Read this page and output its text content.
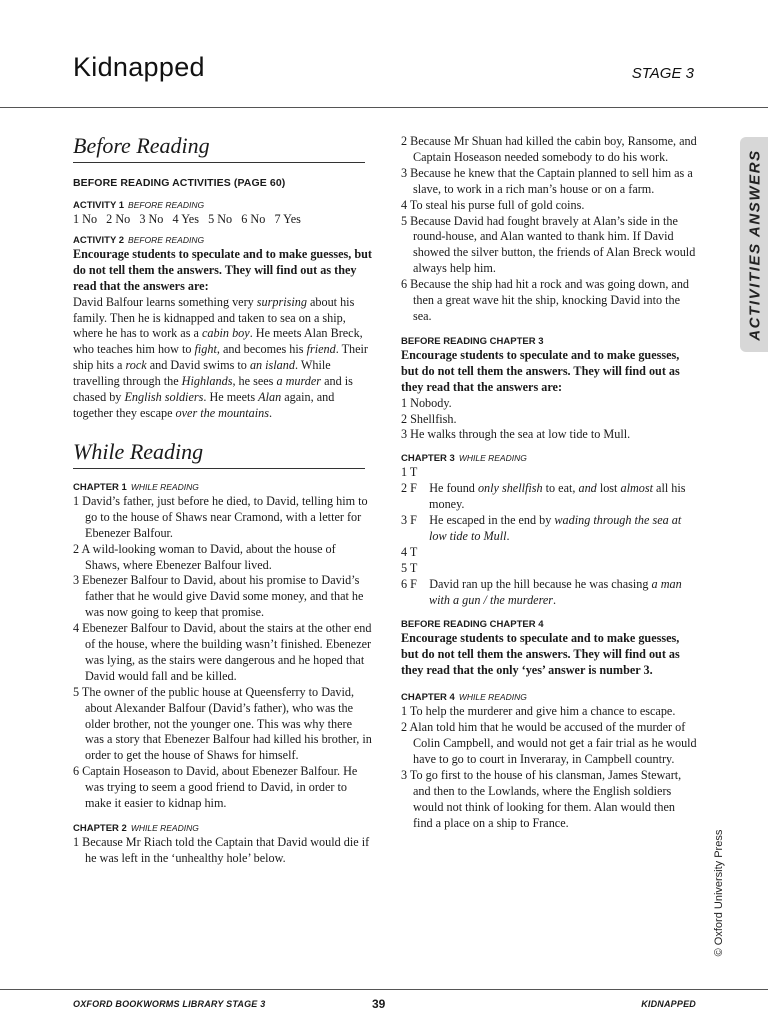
Kidnapped	STAGE 3
ACTIVITIES ANSWERS
Before Reading
BEFORE READING ACTIVITIES (PAGE 60)
ACTIVITY 1 BEFORE READING

1 No   2 No   3 No   4 Yes   5 No   6 No   7 Yes

ACTIVITY 2 BEFORE READING

Encourage students to speculate and to make guesses, but do not tell them the answers. They will find out as they read that the answers are:

David Balfour learns something very surprising about his family. Then he is kidnapped and taken to sea on a ship, where he has to work as a cabin boy. He meets Alan Breck, who teaches him how to fight, and becomes his friend. Their ship hits a rock and David swims to an island. While travelling through the Highlands, he sees a murder and is chased by English soldiers. He meets Alan again, and together they escape over the mountains.

While Reading
CHAPTER 1 WHILE READING
1 David’s father, just before he died, to David, telling him to go to the house of Shaws near Cramond, with a letter for Ebenezer Balfour.
2 A wild-looking woman to David, about the house of Shaws, where Ebenezer Balfour lived.
3 Ebenezer Balfour to David, about his promise to David’s father that he would give David some money, and that he was now going to keep that promise.
4 Ebenezer Balfour to David, about the stairs at the other end of the house, where the building wasn’t finished. Ebenezer was lying, as the stairs were dangerous and he hoped that David would fall and be killed.
5 The owner of the public house at Queensferry to David, about Alexander Balfour (David’s father), who was the older brother, not the younger one. This was why there was a story that Ebenezer Balfour had killed his brother, in order to get the house of Shaws for himself.
6 Captain Hoseason to David, about Ebenezer Balfour. He was trying to seem a good friend to David, in order to make it easier to kidnap him.
CHAPTER 2 WHILE READING
1 Because Mr Riach told the Captain that David would die if he was left in the ‘unhealthy hole’ below.
2 Because Mr Shuan had killed the cabin boy, Ransome, and Captain Hoseason needed somebody to do his work.
3 Because he knew that the Captain planned to sell him as a slave, to work in a rich man’s house or on a farm.
4 To steal his purse full of gold coins.
5 Because David had fought bravely at Alan’s side in the round-house, and Alan wanted to thank him. If David showed the silver button, the friends of Alan Breck would always help him.
6 Because the ship had hit a rock and was going down, and then a great wave hit the ship, knocking David into the sea.
BEFORE READING CHAPTER 3

Encourage students to speculate and to make guesses, but do not tell them the answers. They will find out as they read that the answers are:

1 Nobody.
2 Shellfish.
3 He walks through the sea at low tide to Mull.
CHAPTER 3 WHILE READING
1 T
2 F He found only shellfish to eat, and lost almost all his money.
3 F He escaped in the end by wading through the sea at low tide to Mull.
4 T
5 T
6 F David ran up the hill because he was chasing a man with a gun / the murderer.
BEFORE READING CHAPTER 4

Encourage students to speculate and to make guesses, but do not tell them the answers. They will find out as they read that the only ‘yes’ answer is number 3.

CHAPTER 4 WHILE READING
1 To help the murderer and give him a chance to escape.
2 Alan told him that he would be accused of the murder of Colin Campbell, and would not get a fair trial as he would have to go to court in Inveraray, in Campbell country.
3 To go first to the house of his clansman, James Stewart, and then to the Lowlands, where the English soldiers would not think of looking for them. Alan would then find a place on a ship to France.
© Oxford University Press
OXFORD BOOKWORMS LIBRARY STAGE 3	39	KIDNAPPED
